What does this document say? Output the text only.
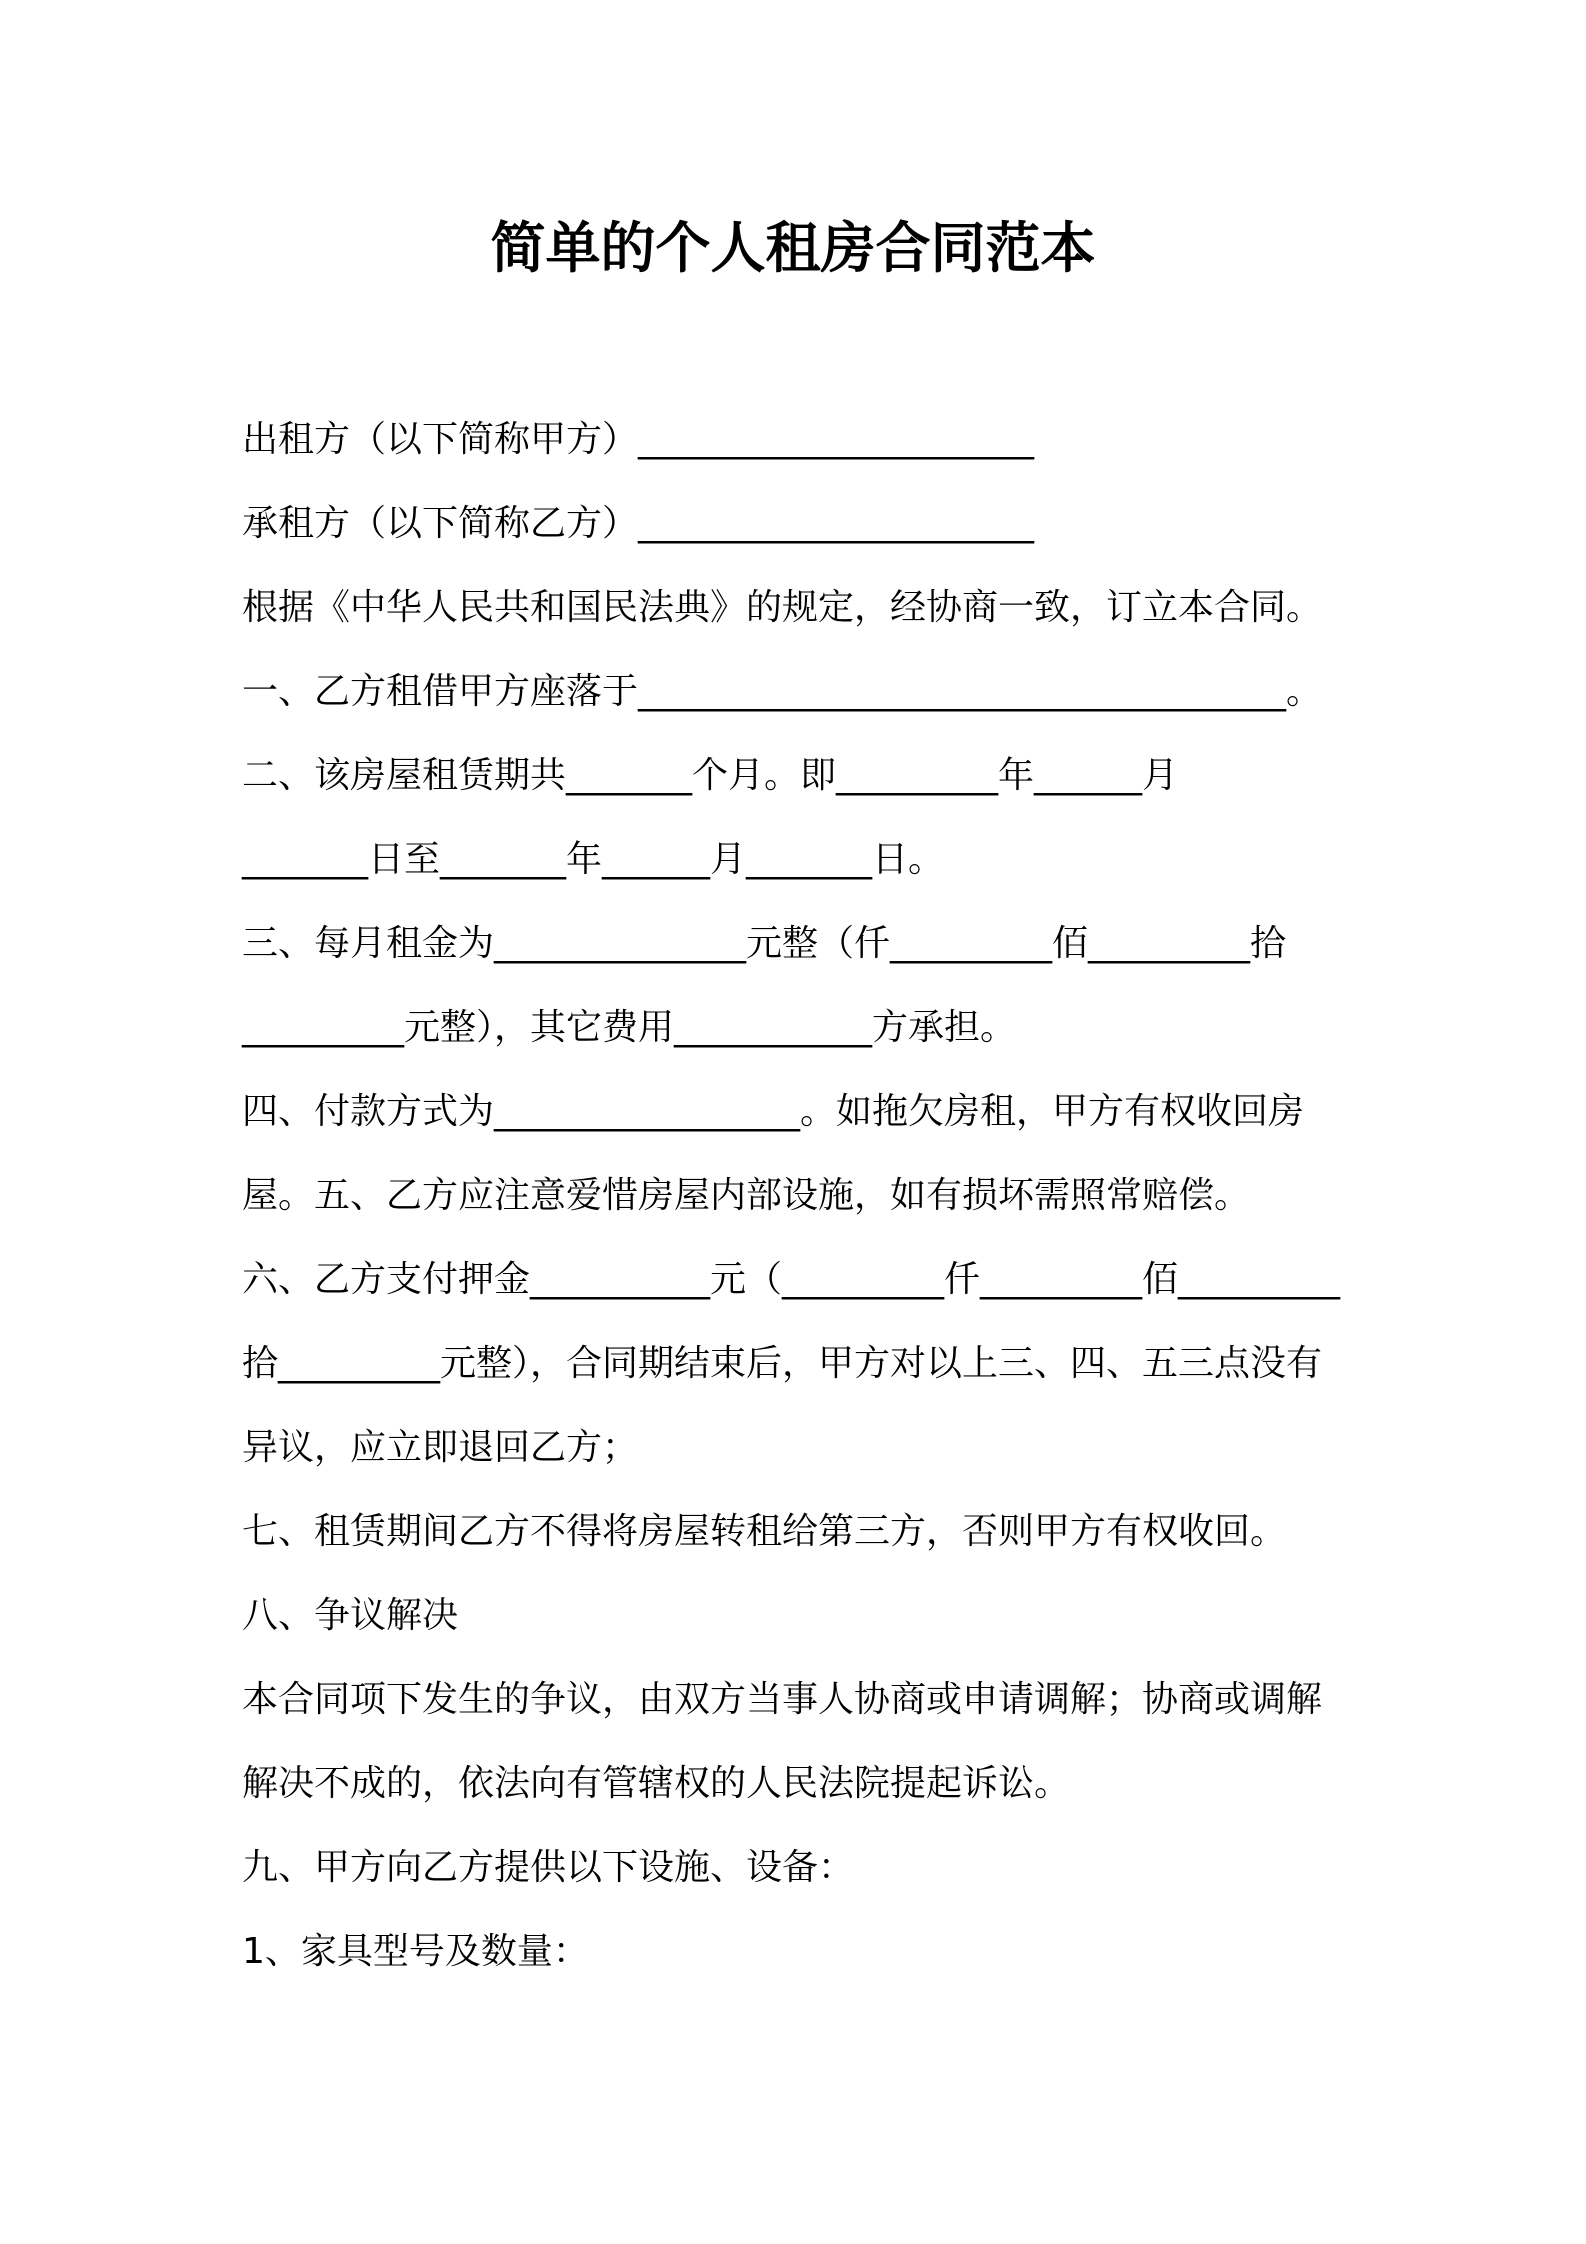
简单的个人租房合同范本

出租方（以下简称甲方）______________________

承租方（以下简称乙方）______________________

根据《中华人民共和国民法典》的规定，经协商一致，订立本合同。

一、乙方租借甲方座落于____________________________________。

二、该房屋租赁期共_______个月。即_________年______月

_______日至_______年______月_______日。

三、每月租金为______________元整（仟_________佰_________拾

_________元整），其它费用___________方承担。

四、付款方式为_________________。如拖欠房租，甲方有权收回房

屋。五、乙方应注意爱惜房屋内部设施，如有损坏需照常赔偿。

六、乙方支付押金__________元（_________仟_________佰_________

拾_________元整），合同期结束后，甲方对以上三、四、五三点没有

异议，应立即退回乙方；

七、租赁期间乙方不得将房屋转租给第三方，否则甲方有权收回。

八、争议解决

本合同项下发生的争议，由双方当事人协商或申请调解；协商或调解

解决不成的，依法向有管辖权的人民法院提起诉讼。

九、甲方向乙方提供以下设施、设备：

1、家具型号及数量：
